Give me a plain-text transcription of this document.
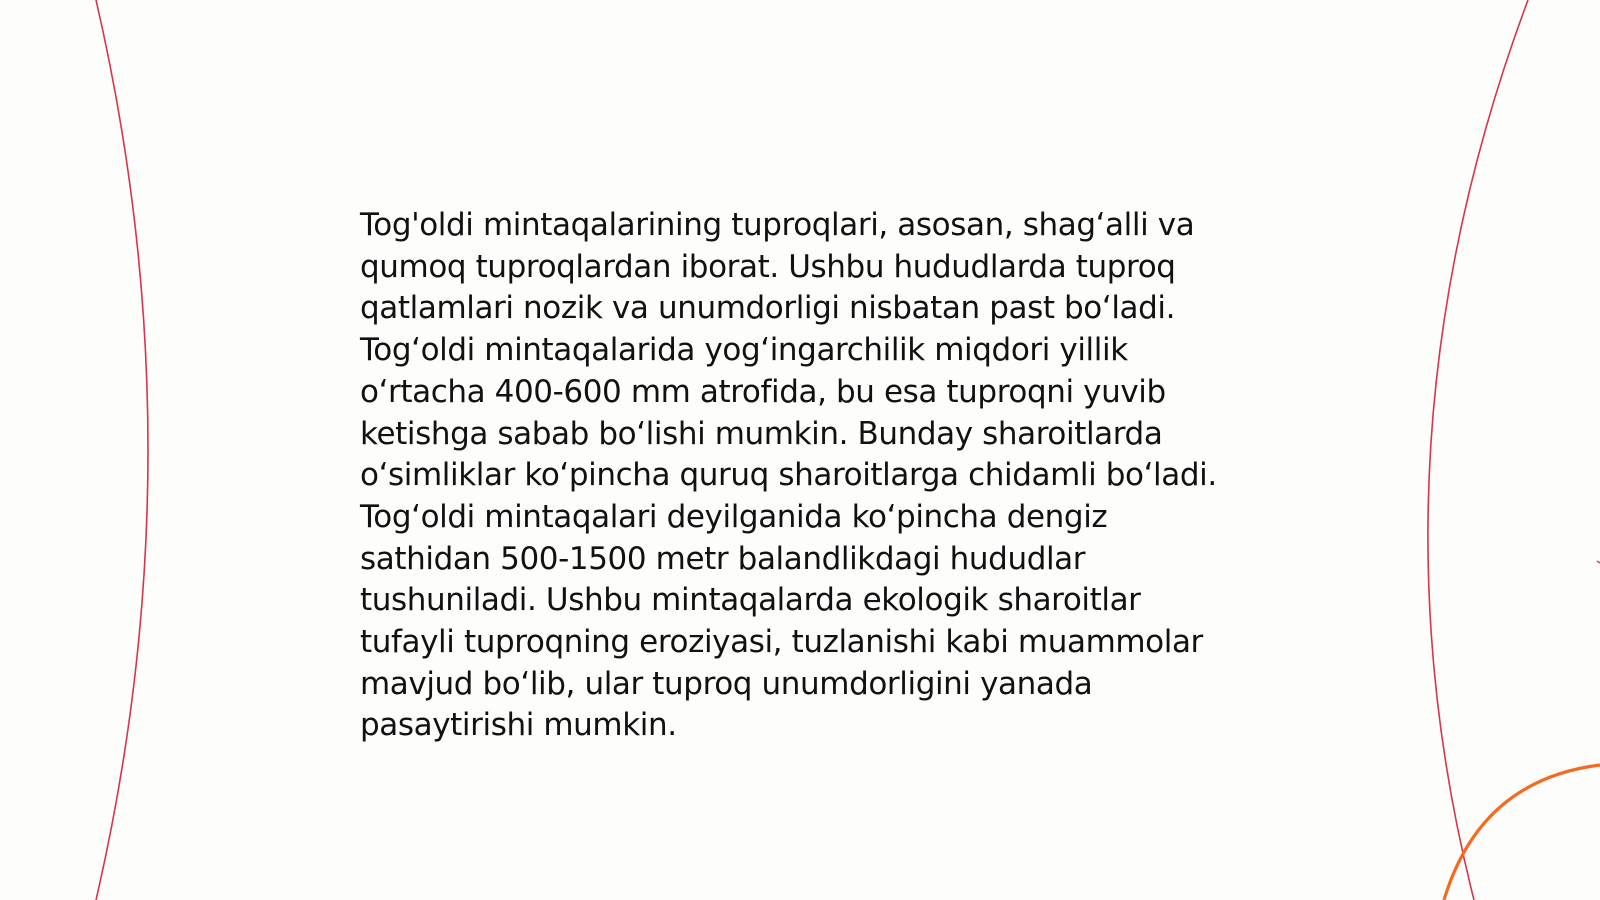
Tog'oldi mintaqalarining tuproqlari, asosan, shagʻalli va qumoq tuproqlardan iborat. Ushbu hududlarda tuproq qatlamlari nozik va unumdorligi nisbatan past boʻladi. Togʻoldi mintaqalarida yogʻingarchilik miqdori yillik oʻrtacha 400-600 mm atrofida, bu esa tuproqni yuvib ketishga sabab boʻlishi mumkin. Bunday sharoitlarda oʻsimliklar koʻpincha quruq sharoitlarga chidamli boʻladi. Togʻoldi mintaqalari deyilganida koʻpincha dengiz sathidan 500-1500 metr balandlikdagi hududlar tushuniladi. Ushbu mintaqalarda ekologik sharoitlar tufayli tuproqning eroziyasi, tuzlanishi kabi muammolar mavjud boʻlib, ular tuproq unumdorligini yanada pasaytirishi mumkin.
